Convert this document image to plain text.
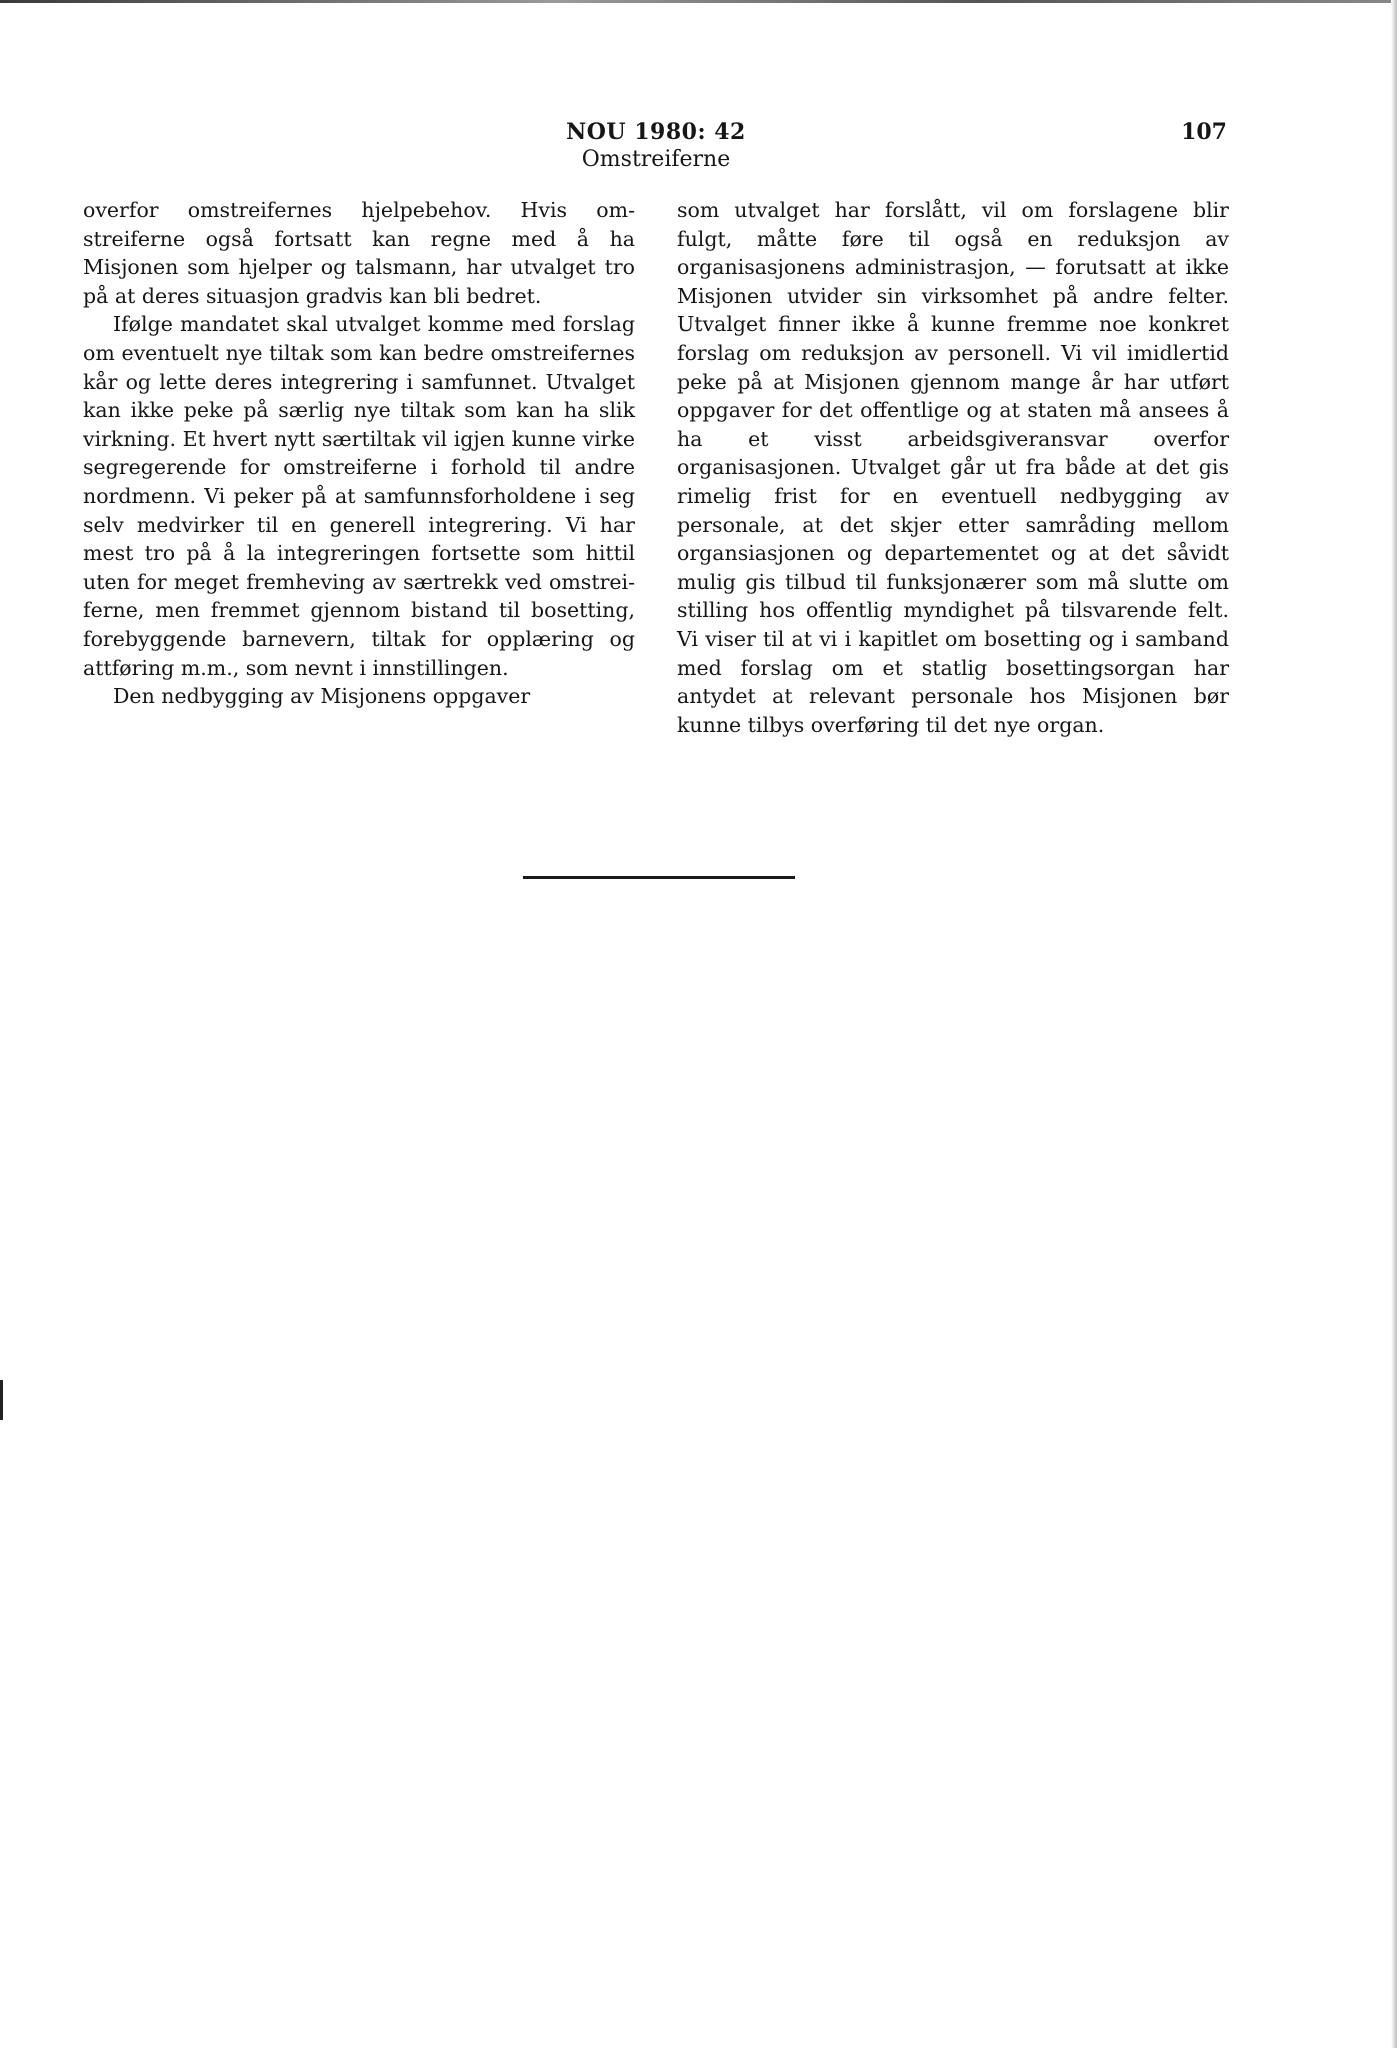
NOU 1980: 42
Omstreiferne
107

overfor omstreifernes hjelpebehov. Hvis omstreiferne også fortsatt kan regne med å ha Misjonen som hjelper og talsmann, har utvalget tro på at deres situasjon gradvis kan bli bedret.

Ifølge mandatet skal utvalget komme med forslag om eventuelt nye tiltak som kan bedre omstreifernes kår og lette deres integrering i samfunnet. Utvalget kan ikke peke på særlig nye tiltak som kan ha slik virkning. Et hvert nytt særtiltak vil igjen kunne virke segregerende for omstreiferne i forhold til andre nordmenn. Vi peker på at samfunnsforholdene i seg selv medvirker til en generell integrering. Vi har mest tro på å la integreringen fortsette som hittil uten for meget fremheving av særtrekk ved omstreiferne, men fremmet gjennom bistand til bosetting, forebyggende barnevern, tiltak for opplæring og attføring m.m., som nevnt i innstillingen.

Den nedbygging av Misjonens oppgaver

som utvalget har forslått, vil om forslagene blir fulgt, måtte føre til også en reduksjon av organisasjonens administrasjon, — forutsatt at ikke Misjonen utvider sin virksomhet på andre felter. Utvalget finner ikke å kunne fremme noe konkret forslag om reduksjon av personell. Vi vil imidlertid peke på at Misjonen gjennom mange år har utført oppgaver for det offentlige og at staten må ansees å ha et visst arbeidsgiveransvar overfor organisasjonen. Utvalget går ut fra både at det gis rimelig frist for en eventuell nedbygging av personale, at det skjer etter samråding mellom organsiasjonen og departementet og at det såvidt mulig gis tilbud til funksjonærer som må slutte om stilling hos offentlig myndighet på tilsvarende felt. Vi viser til at vi i kapitlet om bosetting og i samband med forslag om et statlig bosettingsorgan har antydet at relevant personale hos Misjonen bør kunne tilbys overføring til det nye organ.
